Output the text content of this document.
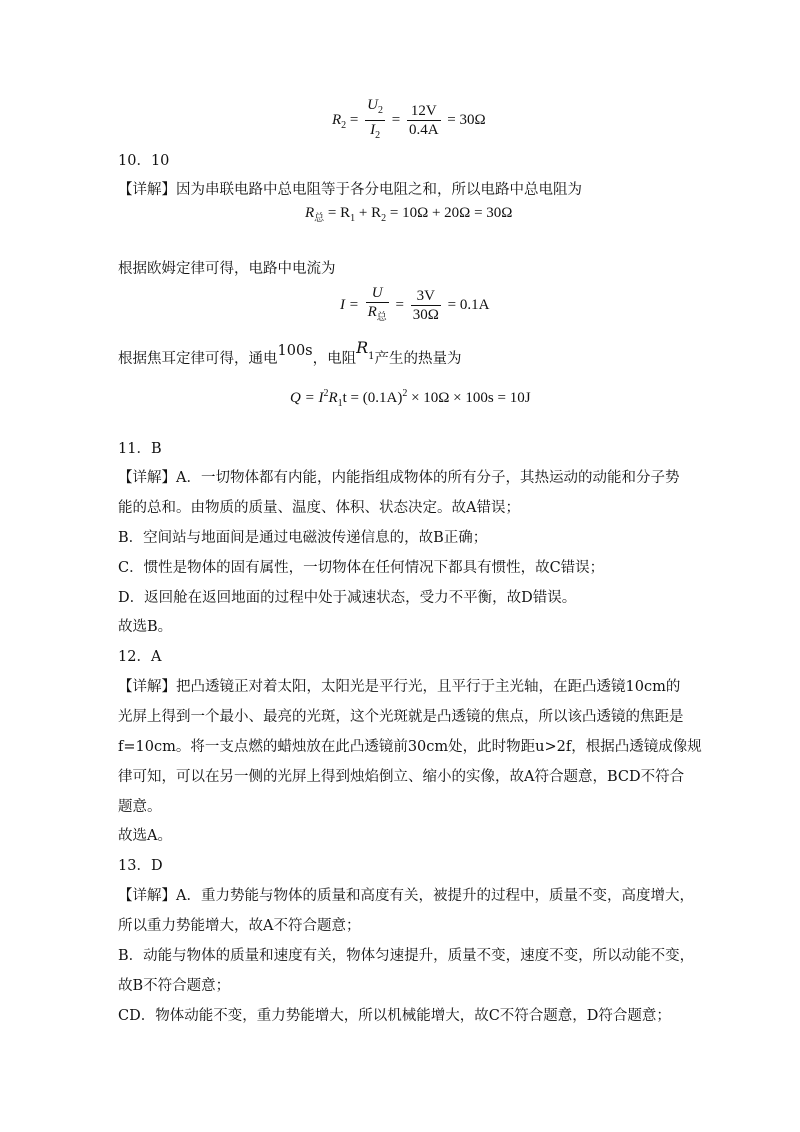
$R_2 = \frac{U_2}{I_2} = \frac{12V}{0.4A} = 30\Omega$
10．10
【详解】因为串联电路中总电阻等于各分电阻之和，所以电路中总电阻为
$R_总 = R_1 + R_2 = 10\Omega + 20\Omega = 30\Omega$
根据欧姆定律可得，电路中电流为
$I = \frac{U}{R_总} = \frac{3V}{30\Omega} = 0.1A$
根据焦耳定律可得，通电100s，电阻$R_1$产生的热量为
$Q = I^2R_1t = (0.1A)^2 \times 10\Omega \times 100s = 10J$
11．B
【详解】A．一切物体都有内能，内能指组成物体的所有分子，其热运动的动能和分子势
能的总和。由物质的质量、温度、体积、状态决定。故A错误；
B．空间站与地面间是通过电磁波传递信息的，故B正确；
C．惯性是物体的固有属性，一切物体在任何情况下都具有惯性，故C错误；
D．返回舱在返回地面的过程中处于减速状态，受力不平衡，故D错误。
故选B。
12．A
【详解】把凸透镜正对着太阳，太阳光是平行光，且平行于主光轴，在距凸透镜10cm的
光屏上得到一个最小、最亮的光斑，这个光斑就是凸透镜的焦点，所以该凸透镜的焦距是
f=10cm。将一支点燃的蜡烛放在此凸透镜前30cm处，此时物距u>2f，根据凸透镜成像规
律可知，可以在另一侧的光屏上得到烛焰倒立、缩小的实像，故A符合题意，BCD不符合
题意。
故选A。
13．D
【详解】A．重力势能与物体的质量和高度有关，被提升的过程中，质量不变，高度增大，
所以重力势能增大，故A不符合题意；
B．动能与物体的质量和速度有关，物体匀速提升，质量不变，速度不变，所以动能不变，
故B不符合题意；
CD．物体动能不变，重力势能增大，所以机械能增大，故C不符合题意，D符合题意；
